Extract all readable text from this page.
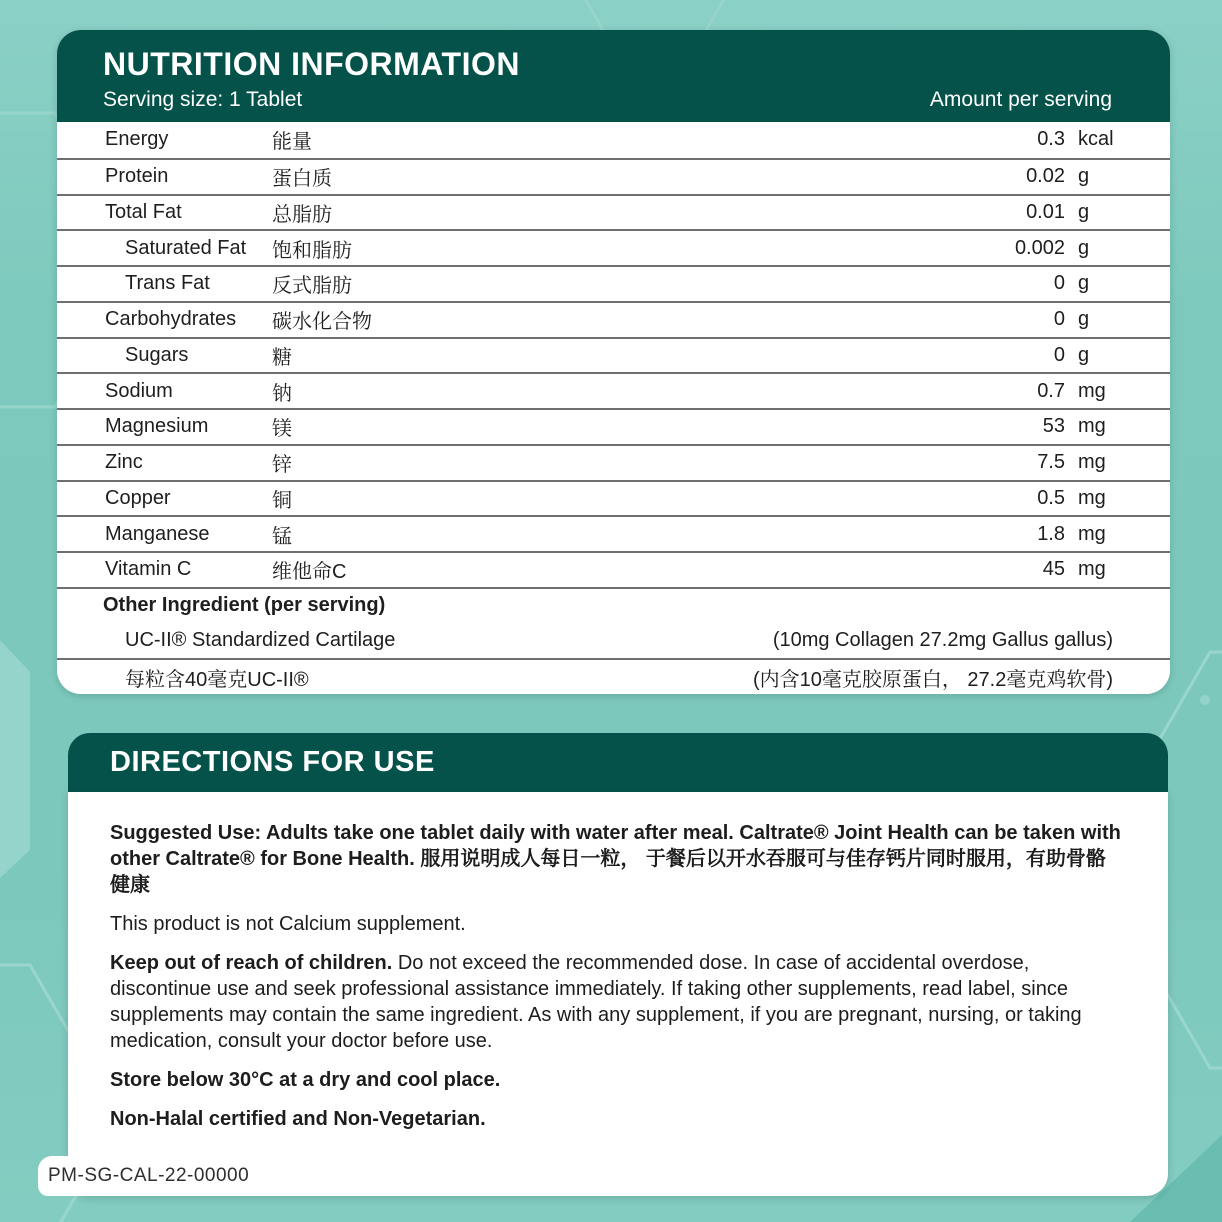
NUTRITION INFORMATION
Serving size: 1 Tablet	Amount per serving
Energy	能量	0.3 kcal
Protein	蛋白质	0.02 g
Total Fat	总脂肪	0.01 g
Saturated Fat	饱和脂肪	0.002 g
Trans Fat	反式脂肪	0 g
Carbohydrates	碳水化合物	0 g
Sugars	糖	0 g
Sodium	钠	0.7 mg
Magnesium	镁	53 mg
Zinc	锌	7.5 mg
Copper	铜	0.5 mg
Manganese	锰	1.8 mg
Vitamin C	维他命C	45 mg
Other Ingredient (per serving)
UC-II® Standardized Cartilage	(10mg Collagen 27.2mg Gallus gallus)
每粒含40毫克UC-II®	(内含10毫克胶原蛋白， 27.2毫克鸡软骨)
DIRECTIONS FOR USE

Suggested Use: Adults take one tablet daily with water after meal. Caltrate® Joint Health can be taken with other Caltrate® for Bone Health. 服用说明成人每日一粒， 于餐后以开水吞服可与佳存钙片同时服用，有助骨骼健康

This product is not Calcium supplement.

Keep out of reach of children. Do not exceed the recommended dose. In case of accidental overdose, discontinue use and seek professional assistance immediately. If taking other supplements, read label, since supplements may contain the same ingredient. As with any supplement, if you are pregnant, nursing, or taking medication, consult your doctor before use.

Store below 30°C at a dry and cool place.

Non-Halal certified and Non-Vegetarian.

PM-SG-CAL-22-00000
